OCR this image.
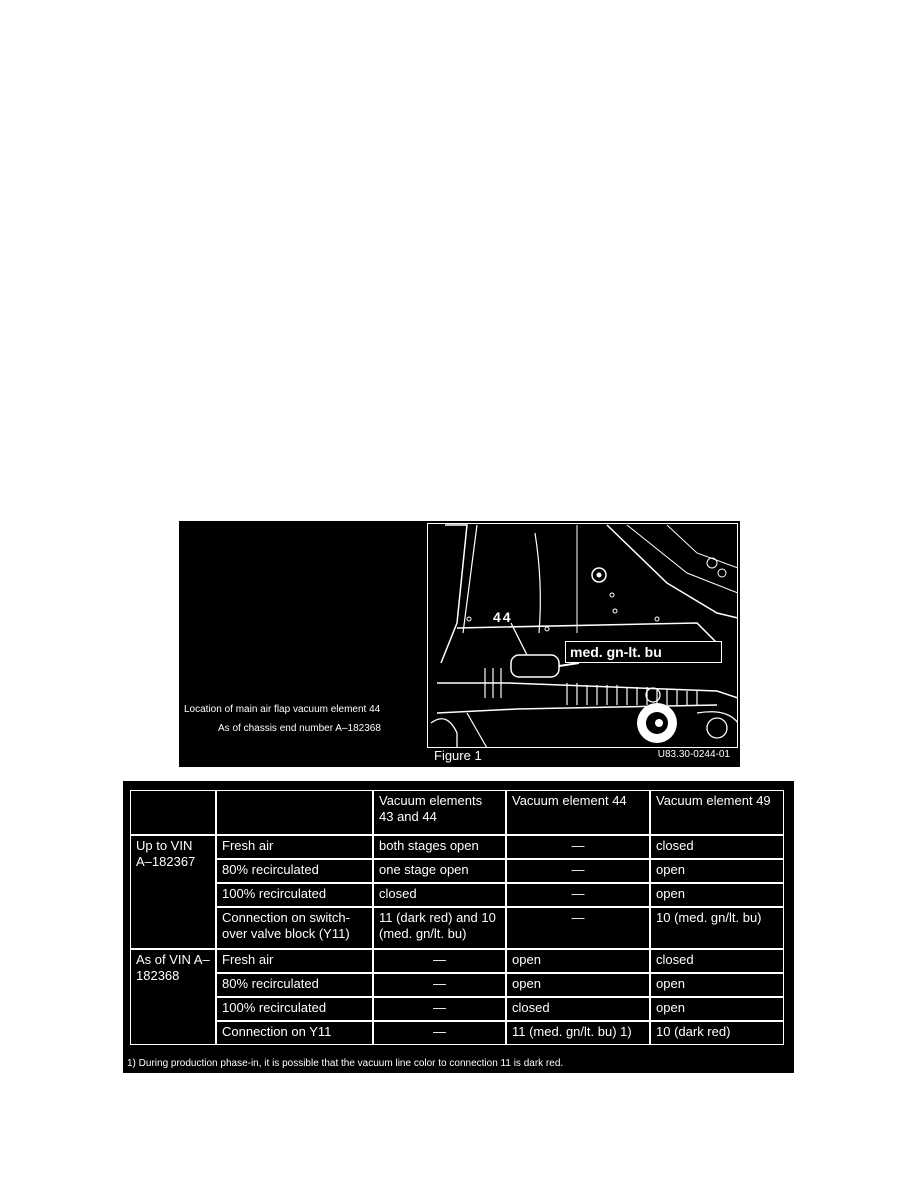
Location of main air flap vacuum element 44
As of chassis end number A–182368
44
med. gn-lt. bu
Figure 1	U83.30-0244-01
		Vacuum elements 43 and 44	Vacuum element 44	Vacuum element 49
Up to VIN A–182367	Fresh air	both stages open	—	closed
	80% recirculated	one stage open	—	open
	100% recirculated	closed	—	open
	Connection on switch-over valve block (Y11)	11 (dark red) and 10 (med. gn/lt. bu)	—	10 (med. gn/lt. bu)
As of VIN A–182368	Fresh air	—	open	closed
	80% recirculated	—	open	open
	100% recirculated	—	closed	open
	Connection on Y11	—	11 (med. gn/lt. bu) 1)	10 (dark red)
1) During production phase-in, it is possible that the vacuum line color to connection 11 is dark red.
